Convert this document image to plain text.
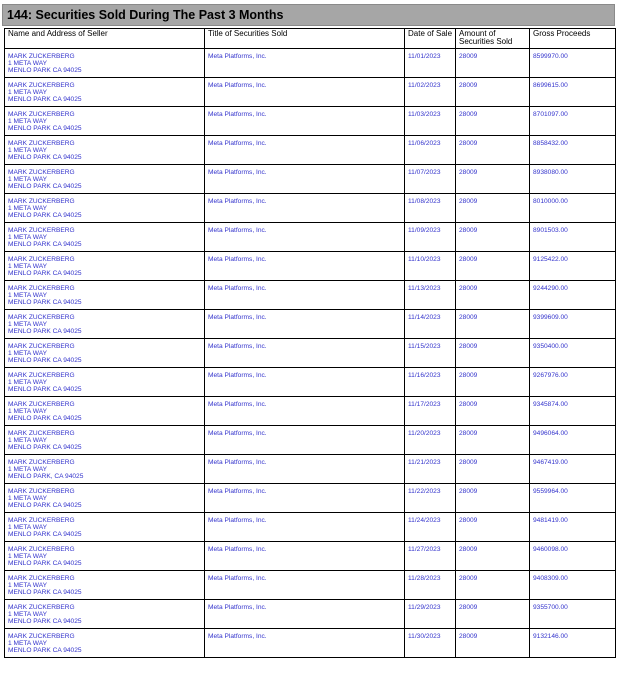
144: Securities Sold During The Past 3 Months
Name and Address of Seller	Title of Securities Sold	Date of Sale	Amount of Securities Sold	Gross Proceeds

MARK ZUCKERBERG
1 META WAY
MENLO PARK CA 94025	Meta Platforms, Inc.	11/01/2023	28009	8599970.00

MARK ZUCKERBERG
1 META WAY
MENLO PARK CA 94025	Meta Platforms, Inc.	11/02/2023	28009	8699615.00

MARK ZUCKERBERG
1 META WAY
MENLO PARK CA 94025	Meta Platforms, Inc.	11/03/2023	28009	8701097.00

MARK ZUCKERBERG
1 META WAY
MENLO PARK CA 94025	Meta Platforms, Inc.	11/06/2023	28009	8858432.00

MARK ZUCKERBERG
1 META WAY
MENLO PARK CA 94025	Meta Platforms, Inc.	11/07/2023	28009	8938080.00

MARK ZUCKERBERG
1 META WAY
MENLO PARK CA 94025	Meta Platforms, Inc.	11/08/2023	28009	8010000.00

MARK ZUCKERBERG
1 META WAY
MENLO PARK CA 94025	Meta Platforms, Inc.	11/09/2023	28009	8901503.00

MARK ZUCKERBERG
1 META WAY
MENLO PARK CA 94025	Meta Platforms, Inc.	11/10/2023	28009	9125422.00

MARK ZUCKERBERG
1 META WAY
MENLO PARK CA 94025	Meta Platforms, Inc.	11/13/2023	28009	9244290.00

MARK ZUCKERBERG
1 META WAY
MENLO PARK CA 94025	Meta Platforms, Inc.	11/14/2023	28009	9399609.00

MARK ZUCKERBERG
1 META WAY
MENLO PARK CA 94025	Meta Platforms, Inc.	11/15/2023	28009	9350400.00

MARK ZUCKERBERG
1 META WAY
MENLO PARK CA 94025	Meta Platforms, Inc.	11/16/2023	28009	9267976.00

MARK ZUCKERBERG
1 META WAY
MENLO PARK CA 94025	Meta Platforms, Inc.	11/17/2023	28009	9345874.00

MARK ZUCKERBERG
1 META WAY
MENLO PARK CA 94025	Meta Platforms, Inc.	11/20/2023	28009	9496064.00

MARK ZUCKERBERG
1 META WAY
MENLO PARK, CA 94025	Meta Platforms, Inc.	11/21/2023	28009	9467419.00

MARK ZUCKERBERG
1 META WAY
MENLO PARK CA 94025	Meta Platforms, Inc.	11/22/2023	28009	9559964.00

MARK ZUCKERBERG
1 META WAY
MENLO PARK CA 94025	Meta Platforms, Inc.	11/24/2023	28009	9481419.00

MARK ZUCKERBERG
1 META WAY
MENLO PARK CA 94025	Meta Platforms, Inc.	11/27/2023	28009	9460098.00

MARK ZUCKERBERG
1 META WAY
MENLO PARK CA 94025	Meta Platforms, Inc.	11/28/2023	28009	9408309.00

MARK ZUCKERBERG
1 META WAY
MENLO PARK CA 94025	Meta Platforms, Inc.	11/29/2023	28009	9355700.00

MARK ZUCKERBERG
1 META WAY
MENLO PARK CA 94025	Meta Platforms, Inc.	11/30/2023	28009	9132146.00
